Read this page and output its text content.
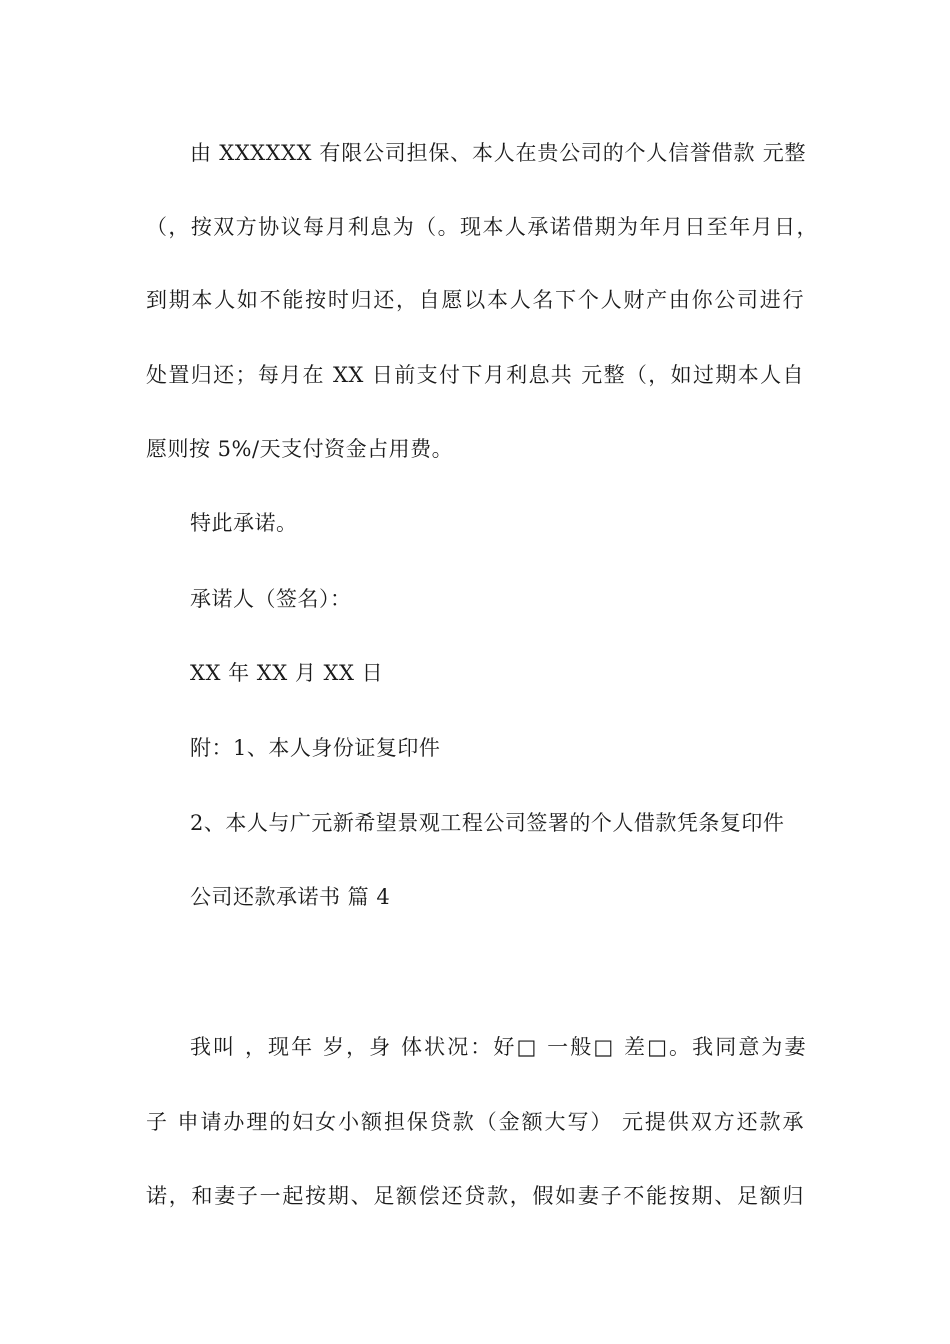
由 XXXXXX 有限公司担保、本人在贵公司的个人信誉借款 元整
（，按双方协议每月利息为（。现本人承诺借期为年月日至年月日，
到期本人如不能按时归还，自愿以本人名下个人财产由你公司进行
处置归还；每月在 XX 日前支付下月利息共 元整（，如过期本人自
愿则按 5%/天支付资金占用费。
特此承诺。
承诺人（签名）：
XX 年 XX 月 XX 日
附：1、本人身份证复印件
2、本人与广元新希望景观工程公司签署的个人借款凭条复印件
公司还款承诺书 篇 4
我叫 ，现年 岁，身 体状况：好□ 一般□ 差□。我同意为妻
子 申请办理的妇女小额担保贷款（金额大写） 元提供双方还款承
诺，和妻子一起按期、足额偿还贷款，假如妻子不能按期、足额归
